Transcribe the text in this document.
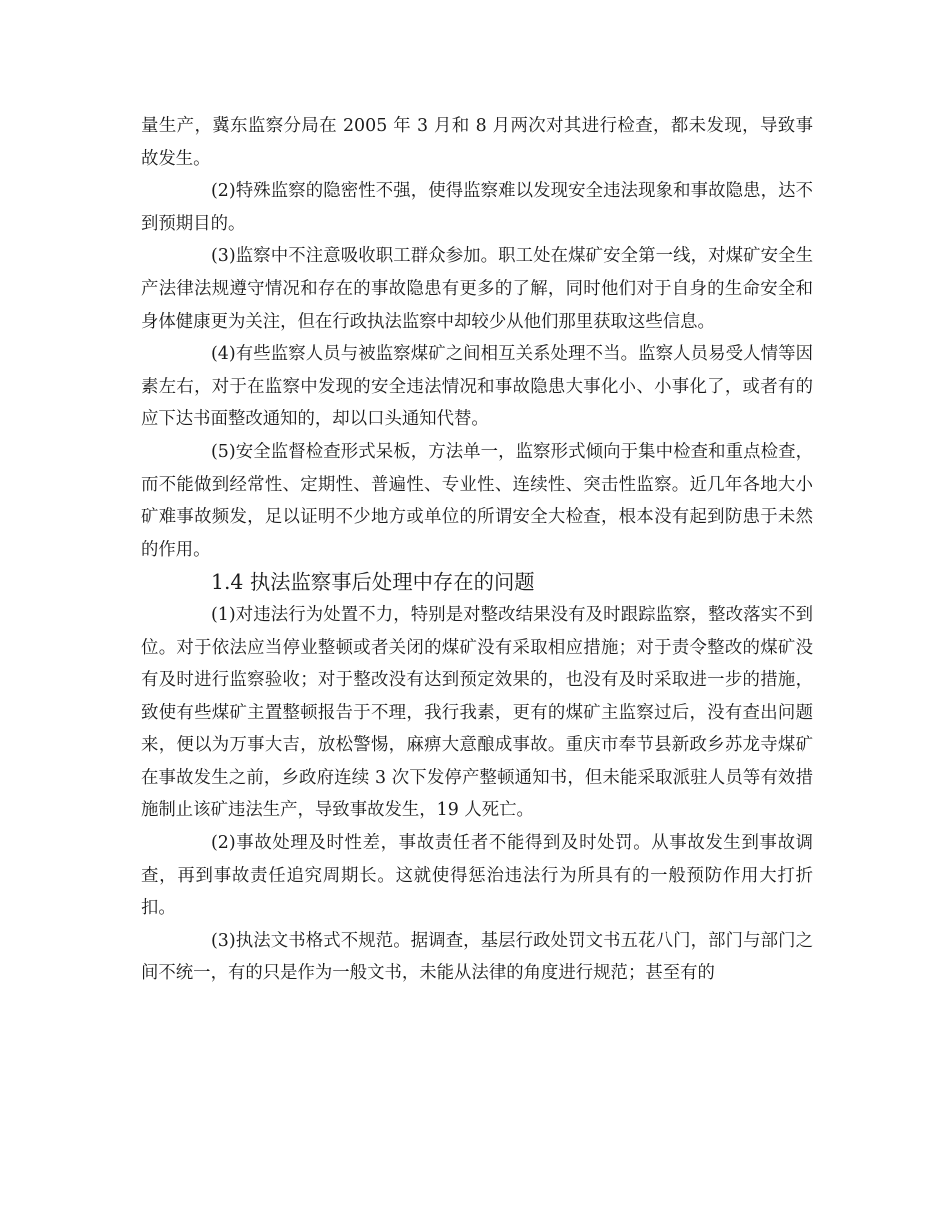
量生产，冀东监察分局在 2005 年 3 月和 8 月两次对其进行检查，都未发现，导致事故发生。

(2)特殊监察的隐密性不强，使得监察难以发现安全违法现象和事故隐患，达不到预期目的。

(3)监察中不注意吸收职工群众参加。职工处在煤矿安全第一线，对煤矿安全生产法律法规遵守情况和存在的事故隐患有更多的了解，同时他们对于自身的生命安全和身体健康更为关注，但在行政执法监察中却较少从他们那里获取这些信息。

(4)有些监察人员与被监察煤矿之间相互关系处理不当。监察人员易受人情等因素左右，对于在监察中发现的安全违法情况和事故隐患大事化小、小事化了，或者有的应下达书面整改通知的，却以口头通知代替。

(5)安全监督检查形式呆板，方法单一，监察形式倾向于集中检查和重点检查，而不能做到经常性、定期性、普遍性、专业性、连续性、突击性监察。近几年各地大小矿难事故频发，足以证明不少地方或单位的所谓安全大检查，根本没有起到防患于未然的作用。

1.4 执法监察事后处理中存在的问题

(1)对违法行为处置不力，特别是对整改结果没有及时跟踪监察，整改落实不到位。对于依法应当停业整顿或者关闭的煤矿没有采取相应措施；对于责令整改的煤矿没有及时进行监察验收；对于整改没有达到预定效果的，也没有及时采取进一步的措施，致使有些煤矿主置整顿报告于不理，我行我素，更有的煤矿主监察过后，没有查出问题来，便以为万事大吉，放松警惕，麻痹大意酿成事故。重庆市奉节县新政乡苏龙寺煤矿在事故发生之前，乡政府连续 3 次下发停产整顿通知书，但未能采取派驻人员等有效措施制止该矿违法生产，导致事故发生，19 人死亡。

(2)事故处理及时性差，事故责任者不能得到及时处罚。从事故发生到事故调查，再到事故责任追究周期长。这就使得惩治违法行为所具有的一般预防作用大打折扣。

(3)执法文书格式不规范。据调查，基层行政处罚文书五花八门，部门与部门之间不统一，有的只是作为一般文书，未能从法律的角度进行规范；甚至有的
